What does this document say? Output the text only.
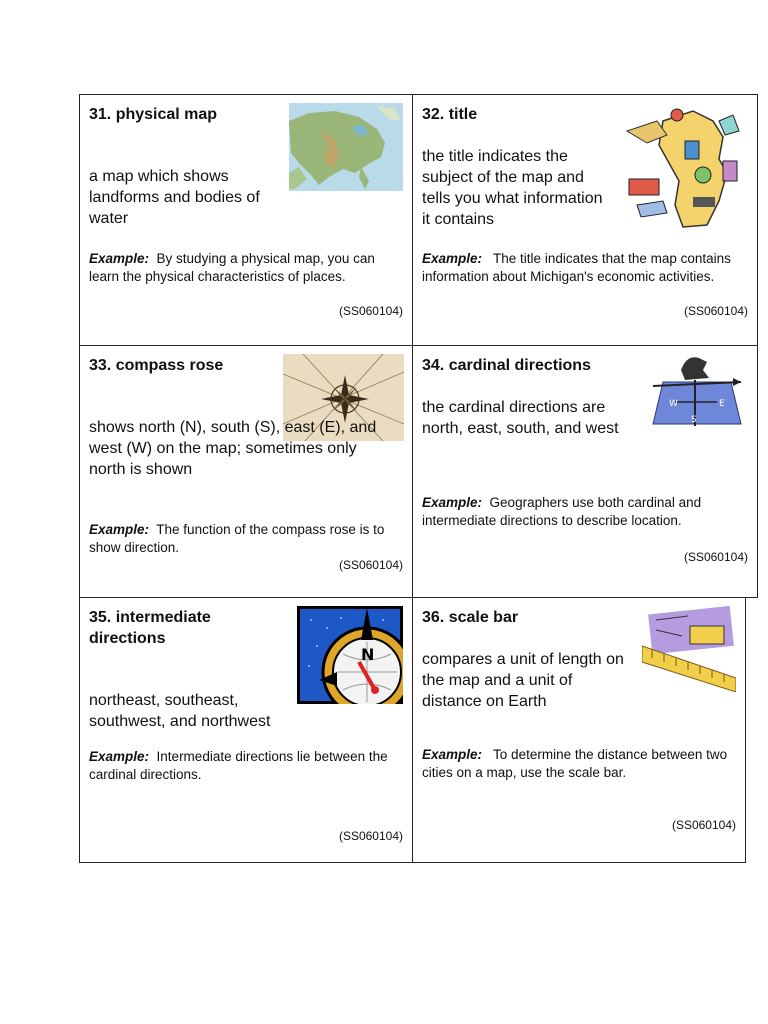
31. physical map
a map which shows landforms and bodies of water
Example: By studying a physical map, you can learn the physical characteristics of places.
(SS060104)
32. title
the title indicates the subject of the map and tells you what information it contains
Example: The title indicates that the map contains information about Michigan's economic activities.
(SS060104)
33. compass rose
shows north (N), south (S), east (E), and west (W) on the map; sometimes only north is shown
Example: The function of the compass rose is to show direction.
(SS060104)
34. cardinal directions
W	E
S
the cardinal directions are north, east, south, and west
Example: Geographers use both cardinal and intermediate directions to describe location.
(SS060104)
35. intermediate directions
N
northeast, southeast, southwest, and northwest
Example: Intermediate directions lie between the cardinal directions.
(SS060104)
36. scale bar
compares a unit of length on the map and a unit of distance on Earth
Example: To determine the distance between two cities on a map, use the scale bar.
(SS060104)
